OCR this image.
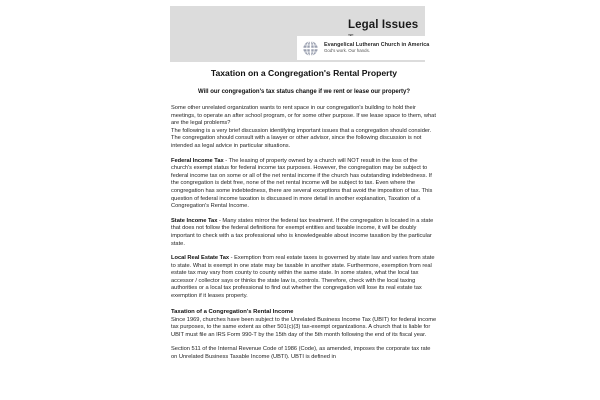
Legal Issues
Evangelical Lutheran Church in America
God's work. Our hands.
Taxation on a Congregation's Rental Property
Will our congregation's tax status change if we rent or lease our property?

Some other unrelated organization wants to rent space in our congregation's building to hold their meetings, to operate an after school program, or for some other purpose. If we lease space to them, what are the legal problems?

The following is a very brief discussion identifying important issues that a congregation should consider. The congregation should consult with a lawyer or other advisor, since the following discussion is not intended as legal advice in particular situations.

Federal Income Tax - The leasing of property owned by a church will NOT result in the loss of the church's exempt status for federal income tax purposes. However, the congregation may be subject to federal income tax on some or all of the net rental income if the church has outstanding indebtedness. If the congregation is debt free, none of the net rental income will be subject to tax. Even where the congregation has some indebtedness, there are several exceptions that avoid the imposition of tax. This question of federal income taxation is discussed in more detail in another explanation, Taxation of a Congregation's Rental Income.

State Income Tax - Many states mirror the federal tax treatment. If the congregation is located in a state that does not follow the federal definitions for exempt entities and taxable income, it will be doubly important to check with a tax professional who is knowledgeable about income taxation by the particular state.

Local Real Estate Tax - Exemption from real estate taxes is governed by state law and varies from state to state. What is exempt in one state may be taxable in another state. Furthermore, exemption from real estate tax may vary from county to county within the same state. In some states, what the local tax accessor / collector says or thinks the state law is, controls. Therefore, check with the local taxing authorities or a local tax professional to find out whether the congregation will lose its real estate tax exemption if it leases property.

Taxation of a Congregation's Rental Income

Since 1969, churches have been subject to the Unrelated Business Income Tax (UBIT) for federal income tax purposes, to the same extent as other 501(c)(3) tax-exempt organizations. A church that is liable for UBIT must file an IRS Form 990-T by the 15th day of the 5th month following the end of its fiscal year.

Section 511 of the Internal Revenue Code of 1986 (Code), as amended, imposes the corporate tax rate on Unrelated Business Taxable Income (UBTI). UBTI is defined in
